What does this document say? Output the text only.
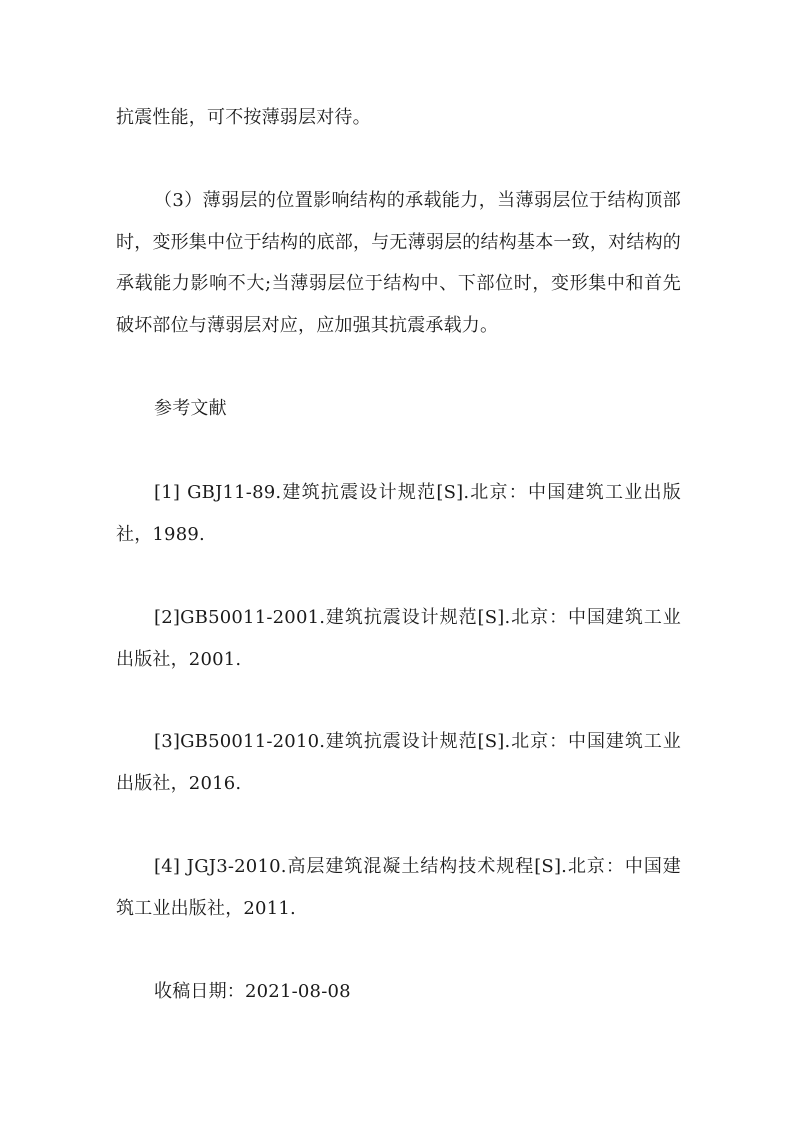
抗震性能，可不按薄弱层对待。

（3）薄弱层的位置影响结构的承载能力，当薄弱层位于结构顶部时，变形集中位于结构的底部，与无薄弱层的结构基本一致，对结构的承载能力影响不大;当薄弱层位于结构中、下部位时，变形集中和首先破坏部位与薄弱层对应，应加强其抗震承载力。

参考文献

[1] GBJ11-89.建筑抗震设计规范[S].北京：中国建筑工业出版社，1989.

[2]GB50011-2001.建筑抗震设计规范[S].北京：中国建筑工业出版社，2001.

[3]GB50011-2010.建筑抗震设计规范[S].北京：中国建筑工业出版社，2016.

[4] JGJ3-2010.高层建筑混凝土结构技术规程[S].北京：中国建筑工业出版社，2011.

收稿日期：2021-08-08
